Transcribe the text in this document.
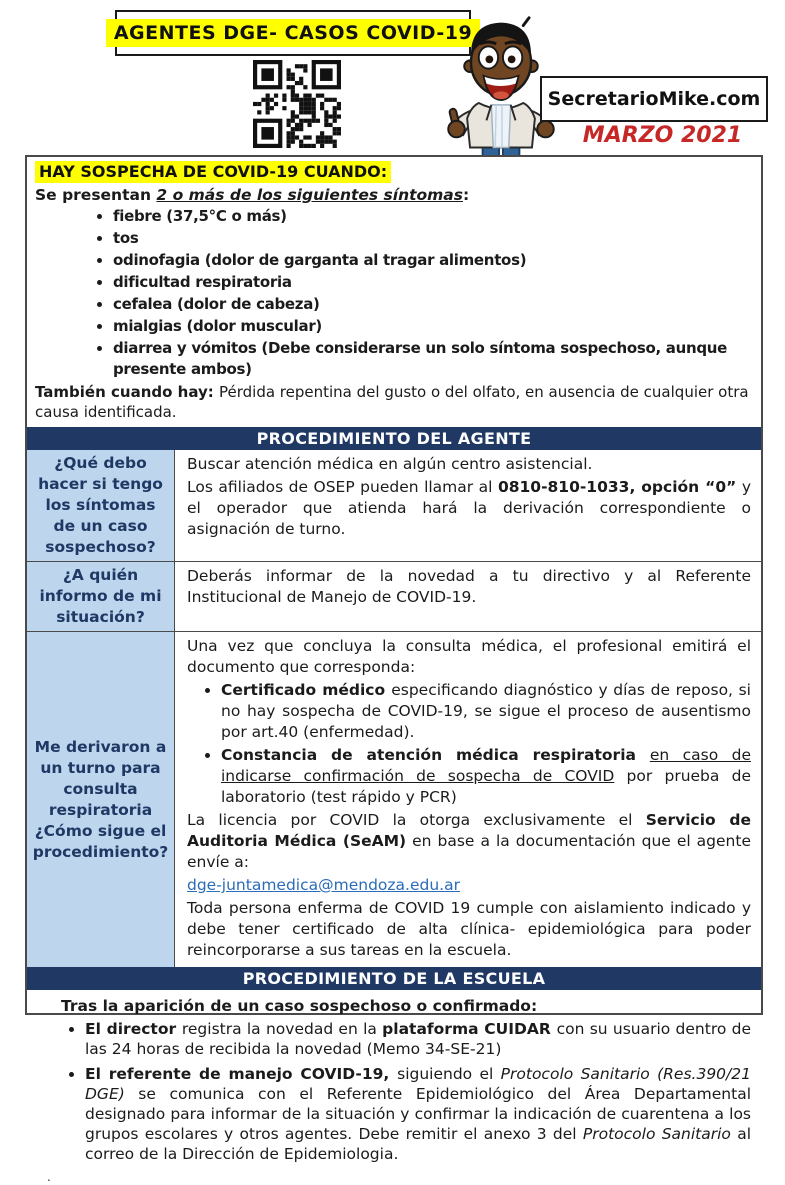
AGENTES DGE- CASOS COVID-19
SecretarioMike.com
MARZO 2021
HAY SOSPECHA DE COVID-19 CUANDO:

Se presentan 2 o más de los siguientes síntomas:

• fiebre (37,5°C o más)
• tos
• odinofagia (dolor de garganta al tragar alimentos)
• dificultad respiratoria
• cefalea (dolor de cabeza)
• mialgias (dolor muscular)
• diarrea y vómitos (Debe considerarse un solo síntoma sospechoso, aunque presente ambos)

También cuando hay: Pérdida repentina del gusto o del olfato, en ausencia de cualquier otra causa identificada.

PROCEDIMIENTO DEL AGENTE
¿Qué debo hacer si tengo los síntomas de un caso sospechoso?

Buscar atención médica en algún centro asistencial.

Los afiliados de OSEP pueden llamar al 0810-810-1033, opción “0” y el operador que atienda hará la derivación correspondiente o asignación de turno.

¿A quién informo de mi situación?

Deberás informar de la novedad a tu directivo y al Referente Institucional de Manejo de COVID-19.

Me derivaron a un turno para consulta respiratoria ¿Cómo sigue el procedimiento?

Una vez que concluya la consulta médica, el profesional emitirá el documento que corresponda:

• Certificado médico especificando diagnóstico y días de reposo, si no hay sospecha de COVID-19, se sigue el proceso de ausentismo por art.40 (enfermedad).
• Constancia de atención médica respiratoria en caso de indicarse confirmación de sospecha de COVID por prueba de laboratorio (test rápido y PCR)

La licencia por COVID la otorga exclusivamente el Servicio de Auditoria Médica (SeAM) en base a la documentación que el agente envíe a:

dge-juntamedica@mendoza.edu.ar

Toda persona enferma de COVID 19 cumple con aislamiento indicado y debe tener certificado de alta clínica- epidemiológica para poder reincorporarse a sus tareas en la escuela.

PROCEDIMIENTO DE LA ESCUELA

Tras la aparición de un caso sospechoso o confirmado:

• El director registra la novedad en la plataforma CUIDAR con su usuario dentro de las 24 horas de recibida la novedad (Memo 34-SE-21)
• El referente de manejo COVID-19, siguiendo el Protocolo Sanitario (Res.390/21 DGE) se comunica con el Referente Epidemiológico del Área Departamental designado para informar de la situación y confirmar la indicación de cuarentena a los grupos escolares y otros agentes. Debe remitir el anexo 3 del Protocolo Sanitario al correo de la Dirección de Epidemiologia.
.
